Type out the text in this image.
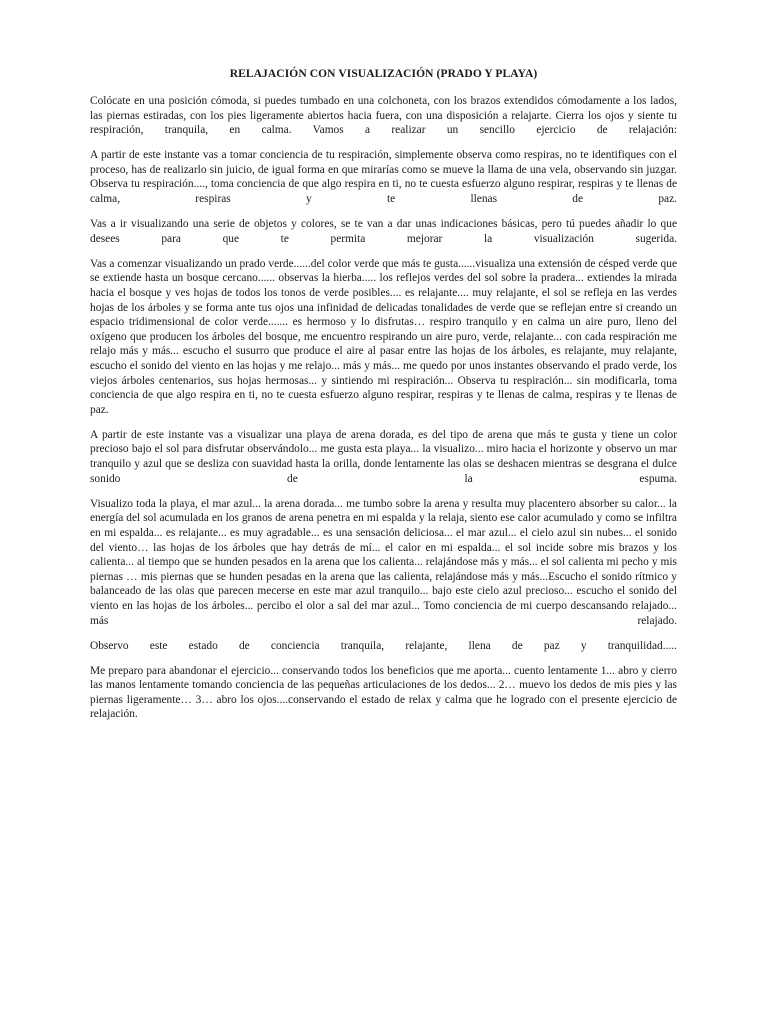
RELAJACIÓN CON VISUALIZACIÓN (PRADO Y PLAYA)

Colócate en una posición cómoda, si puedes tumbado en una colchoneta, con los brazos extendidos cómodamente a los lados, las piernas estiradas, con los pies ligeramente abiertos hacia fuera, con una disposición a relajarte. Cierra los ojos y siente tu respiración, tranquila, en calma. Vamos a realizar un sencillo ejercicio de relajación:

A partir de este instante vas a tomar conciencia de tu respiración, simplemente observa como respiras, no te identifiques con el proceso, has de realizarlo sin juicio, de igual forma en que mirarías como se mueve la llama de una vela, observando sin juzgar. Observa tu respiración...., toma conciencia de que algo respira en ti, no te cuesta esfuerzo alguno respirar, respiras y te llenas de calma, respiras y te llenas de paz.

Vas a ir visualizando una serie de objetos y colores, se te van a dar unas indicaciones básicas, pero tú puedes añadir lo que desees para que te permita mejorar la visualización sugerida.

Vas a comenzar visualizando un prado verde......del color verde que más te gusta......visualiza una extensión de césped verde que se extiende hasta un bosque cercano...... observas la hierba..... los reflejos verdes del sol sobre la pradera... extiendes la mirada hacia el bosque y ves hojas de todos los tonos de verde posibles.... es relajante.... muy relajante, el sol se refleja en las verdes hojas de los árboles y se forma ante tus ojos una infinidad de delicadas tonalidades de verde que se reflejan entre si creando un espacio tridimensional de color verde....... es hermoso y lo disfrutas… respiro tranquilo y en calma un aire puro, lleno del oxígeno que producen los árboles del bosque, me encuentro respirando un aire puro, verde, relajante... con cada respiración me relajo más y más... escucho el susurro que produce el aire al pasar entre las hojas de los árboles, es relajante, muy relajante, escucho el sonido del viento en las hojas y me relajo... más y más... me quedo por unos instantes observando el prado verde, los viejos árboles centenarios, sus hojas hermosas... y sintiendo mi respiración... Observa tu respiración... sin modificarla, toma conciencia de que algo respira en ti, no te cuesta esfuerzo alguno respirar, respiras y te llenas de calma, respiras y te llenas de paz.

A partir de este instante vas a visualizar una playa de arena dorada, es del tipo de arena que más te gusta y tiene un color precioso bajo el sol para disfrutar observándolo... me gusta esta playa... la visualizo... miro hacia el horizonte y observo un mar tranquilo y azul que se desliza con suavidad hasta la orilla, donde lentamente las olas se deshacen mientras se desgrana el dulce sonido de la espuma.

Visualizo toda la playa, el mar azul... la arena dorada... me tumbo sobre la arena y resulta muy placentero absorber su calor... la energía del sol acumulada en los granos de arena penetra en mi espalda y la relaja, siento ese calor acumulado y como se infiltra en mi espalda... es relajante... es muy agradable... es una sensación deliciosa... el mar azul... el cielo azul sin nubes... el sonido del viento… las hojas de los árboles que hay detrás de mí... el calor en mi espalda... el sol incide sobre mis brazos y los calienta... al tiempo que se hunden pesados en la arena que los calienta... relajándose más y más... el sol calienta mi pecho y mis piernas … mis piernas que se hunden pesadas en la arena que las calienta, relajándose más y más...Escucho el sonido rítmico y balanceado de las olas que parecen mecerse en este mar azul tranquilo... bajo este cielo azul precioso... escucho el sonido del viento en las hojas de los árboles... percibo el olor a sal del mar azul... Tomo conciencia de mi cuerpo descansando relajado... más relajado.

Observo este estado de conciencia tranquila, relajante, llena de paz y tranquilidad.....

Me preparo para abandonar el ejercicio... conservando todos los beneficios que me aporta... cuento lentamente 1... abro y cierro las manos lentamente tomando conciencia de las pequeñas articulaciones de los dedos... 2… muevo los dedos de mis pies y las piernas ligeramente… 3… abro los ojos....conservando el estado de relax y calma que he logrado con el presente ejercicio de relajación.
